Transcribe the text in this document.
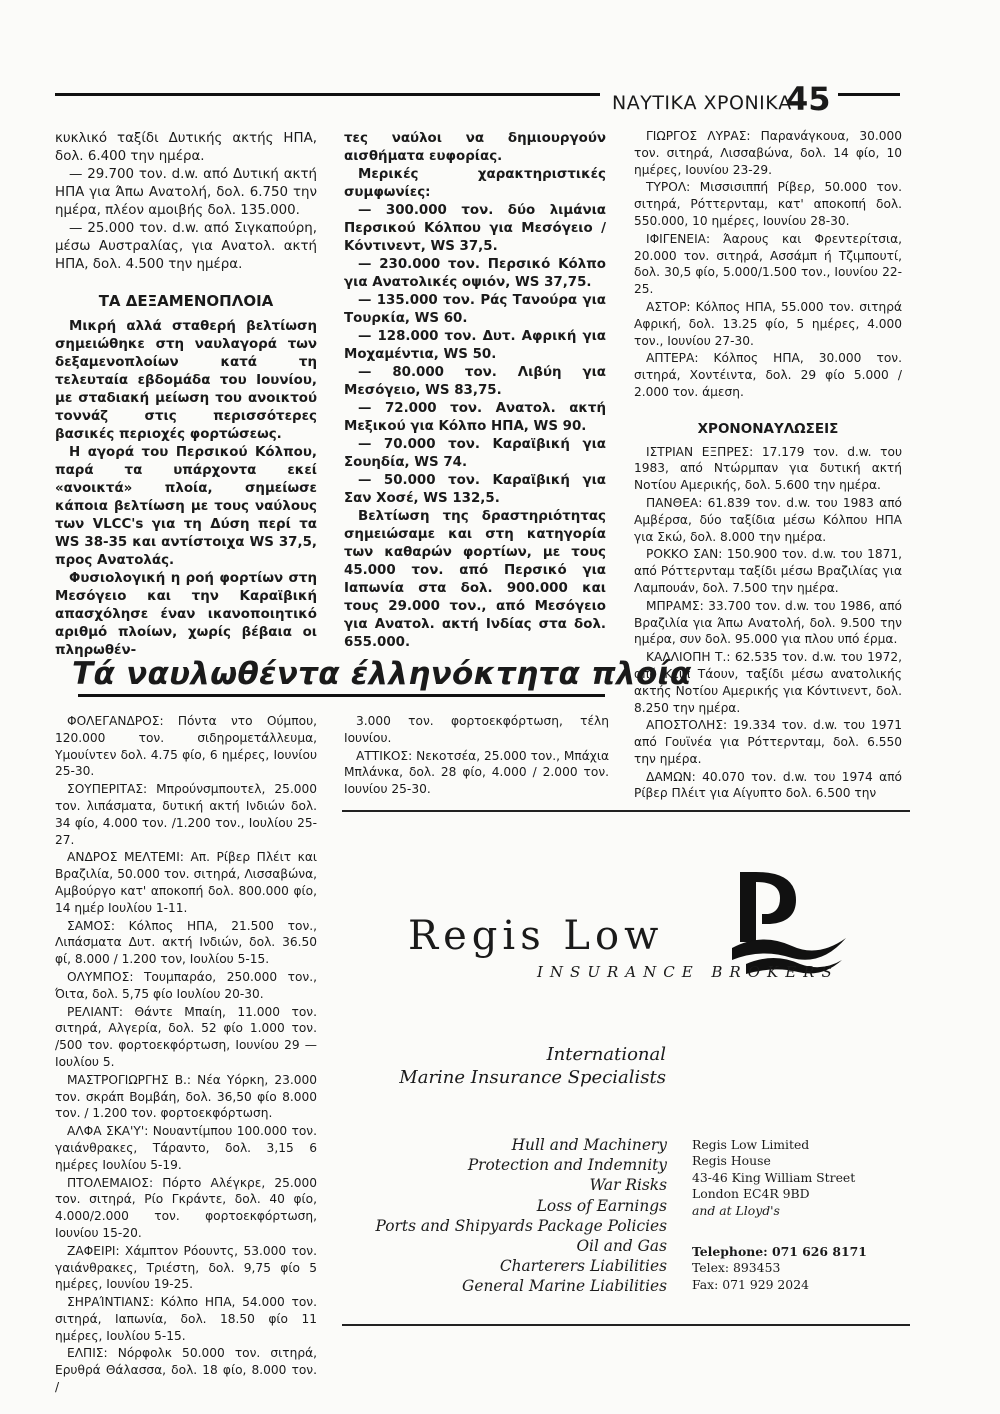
ΝΑΥΤΙΚΑ ΧΡΟΝΙΚΑ
45

κυκλικό ταξίδι Δυτικής ακτής ΗΠΑ, δολ. 6.400 την ημέρα.

— 29.700 τον. d.w. από Δυτική ακτή ΗΠΑ για Άπω Ανατολή, δολ. 6.750 την ημέρα, πλέον αμοιβής δολ. 135.000.

— 25.000 τον. d.w. από Σιγκαπούρη, μέσω Αυστραλίας, για Ανατολ. ακτή ΗΠΑ, δολ. 4.500 την ημέρα.

ΤΑ ΔΕΞΑΜΕΝΟΠΛΟΙΑ

Μικρή αλλά σταθερή βελτίωση σημειώθηκε στη ναυλαγορά των δεξαμενοπλοίων κατά τη τελευταία εβδομάδα του Ιουνίου, με σταδιακή μείωση του ανοικτού τοννάζ στις περισσότερες βασικές περιοχές φορτώσεως.

Η αγορά του Περσικού Κόλπου, παρά τα υπάρχοντα εκεί «ανοικτά» πλοία, σημείωσε κάποια βελτίωση με τους ναύλους των VLCC's για τη Δύση περί τα WS 38-35 και αντίστοιχα WS 37,5, προς Ανατολάς.

Φυσιολογική η ροή φορτίων στη Μεσόγειο και την Καραϊβική απασχόλησε έναν ικανοποιητικό αριθμό πλοίων, χωρίς βέβαια οι πληρωθέν-

τες ναύλοι να δημιουργούν αισθήματα ευφορίας.

Μερικές χαρακτηριστικές συμφωνίες:

— 300.000 τον. δύο λιμάνια Περσικού Κόλπου για Μεσόγειο /Κόντινεντ, WS 37,5.

— 230.000 τον. Περσικό Κόλπο για Ανατολικές οψιόν, WS 37,75.

— 135.000 τον. Ράς Τανούρα για Τουρκία, WS 60.

— 128.000 τον. Δυτ. Αφρική για Μοχαμέντια, WS 50.

— 80.000 τον. Λιβύη για Μεσόγειο, WS 83,75.

— 72.000 τον. Ανατολ. ακτή Μεξικού για Κόλπο ΗΠΑ, WS 90.

— 70.000 τον. Καραϊβική για Σουηδία, WS 74.

— 50.000 τον. Καραϊβική για Σαν Χοσέ, WS 132,5.

Βελτίωση της δραστηριότητας σημειώσαμε και στη κατηγορία των καθαρών φορτίων, με τους 45.000 τον. από Περσικό για Ιαπωνία στα δολ. 900.000 και τους 29.000 τον., από Μεσόγειο για Ανατολ. ακτή Ινδίας στα δολ. 655.000.

ΓΙΩΡΓΟΣ ΛΥΡΑΣ: Παρανάγκουα, 30.000 τον. σιτηρά, Λισσαβώνα, δολ. 14 φίο, 10 ημέρες, Ιουνίου 23-29.

ΤΥΡΟΛ: Μισσισιππή Ρίβερ, 50.000 τον. σιτηρά, Ρόττερνταμ, κατ' αποκοπή δολ. 550.000, 10 ημέρες, Ιουνίου 28-30.

ΙΦΙΓΕΝΕΙΑ: Άαρους και Φρεντερίτσια, 20.000 τον. σιτηρά, Ασσάμπ ή Τζιμπουτί, δολ. 30,5 φίο, 5.000/1.500 τον., Ιουνίου 22-25.

ΑΣΤΟΡ: Κόλπος ΗΠΑ, 55.000 τον. σιτηρά Αφρική, δολ. 13.25 φίο, 5 ημέρες, 4.000 τον., Ιουνίου 27-30.

ΑΠΤΕΡΑ: Κόλπος ΗΠΑ, 30.000 τον. σιτηρά, Χοντέιντα, δολ. 29 φίο 5.000 / 2.000 τον. άμεση.

ΧΡΟΝΟΝΑΥΛΩΣΕΙΣ

ΙΣΤΡΙΑΝ ΕΞΠΡΕΣ: 17.179 τον. d.w. του 1983, από Ντώρμπαν για δυτική ακτή Νοτίου Αμερικής, δολ. 5.600 την ημέρα.

ΠΑΝΘΕΑ: 61.839 τον. d.w. του 1983 από Αμβέρσα, δύο ταξίδια μέσω Κόλπου ΗΠΑ για Σκώ, δολ. 8.000 την ημέρα.

ΡΟΚΚΟ ΣΑΝ: 150.900 τον. d.w. του 1871, από Ρόττερνταμ ταξίδι μέσω Βραζιλίας για Λαμπουάν, δολ. 7.500 την ημέρα.

ΜΠΡΑΜΣ: 33.700 τον. d.w. του 1986, από Βραζιλία για Άπω Ανατολή, δολ. 9.500 την ημέρα, συν δολ. 95.000 για πλου υπό έρμα.

ΚΑΛΛΙΟΠΗ Τ.: 62.535 τον. d.w. του 1972, από Κέιπ Τάουν, ταξίδι μέσω ανατολικής ακτής Νοτίου Αμερικής για Κόντινεντ, δολ. 8.250 την ημέρα.

ΑΠΟΣΤΟΛΗΣ: 19.334 τον. d.w. του 1971 από Γουϊνέα για Ρόττερνταμ, δολ. 6.550 την ημέρα.

ΔΑΜΩΝ: 40.070 τον. d.w. του 1974 από Ρίβερ Πλέιτ για Αίγυπτο δολ. 6.500 την

Τά ναυλωθέντα έλληνόκτητα πλοία

ΦΟΛΕΓΑΝΔΡΟΣ: Πόντα ντο Ούμπου, 120.000 τον. σιδηρομετάλλευμα, Υμουίντεν δολ. 4.75 φίο, 6 ημέρες, Ιουνίου 25-30.

ΣΟΥΠΕΡΙΤΑΣ: Μπρούνσμπουτελ, 25.000 τον. λιπάσματα, δυτική ακτή Ινδιών δολ. 34 φίο, 4.000 τον. /1.200 τον., Ιουλίου 25-27.

ΑΝΔΡΟΣ ΜΕΛΤΕΜΙ: Απ. Ρίβερ Πλέιτ και Βραζιλία, 50.000 τον. σιτηρά, Λισσαβώνα, Αμβούργο κατ' αποκοπή δολ. 800.000 φίο, 14 ημέρ Ιουλίου 1-11.

ΣΑΜΟΣ: Κόλπος ΗΠΑ, 21.500 τον., Λιπάσματα Δυτ. ακτή Ινδιών, δολ. 36.50 φί, 8.000 / 1.200 τον, Ιουλίου 5-15.

ΟΛΥΜΠΟΣ: Τουμπαράο, 250.000 τον., Όιτα, δολ. 5,75 φίο Ιουλίου 20-30.

ΡΕΛΙΑΝΤ: Θάντε Μπαίη, 11.000 τον. σιτηρά, Αλγερία, δολ. 52 φίο 1.000 τον. /500 τον. φορτοεκφόρτωση, Ιουνίου 29 — Ιουλίου 5.

ΜΑΣΤΡΟΓΙΩΡΓΗΣ Β.: Νέα Υόρκη, 23.000 τον. σκράπ Βομβάη, δολ. 36,50 φίο 8.000 τον. / 1.200 τον. φορτοεκφόρτωση.

ΑΛΦΑ ΣΚΑ'Υ': Νουαντίμπου 100.000 τον. γαιάνθρακες, Τάραντο, δολ. 3,15 6 ημέρες Ιουλίου 5-19.

ΠΤΟΛΕΜΑΙΟΣ: Πόρτο Αλέγκρε, 25.000 τον. σιτηρά, Ρίο Γκράντε, δολ. 40 φίο, 4.000/2.000 τον. φορτοεκφόρτωση, Ιουνίου 15-20.

ΖΑΦΕΙΡΙ: Χάμπτον Ρόουντς, 53.000 τον. γαιάνθρακες, Τριέστη, δολ. 9,75 φίο 5 ημέρες, Ιουνίου 19-25.

ΣΗΡΑΊΝΤΙΑΝΣ: Κόλπο ΗΠΑ, 54.000 τον. σιτηρά, Ιαπωνία, δολ. 18.50 φίο 11 ημέρες, Ιουλίου 5-15.

ΕΛΠΙΣ: Νόρφολκ 50.000 τον. σιτηρά, Ερυθρά Θάλασσα, δολ. 18 φίο, 8.000 τον. /

3.000 τον. φορτοεκφόρτωση, τέλη Ιουνίου.

ΑΤΤΙΚΟΣ: Νεκοτσέα, 25.000 τον., Μπάχια Μπλάνκα, δολ. 28 φίο, 4.000 / 2.000 τον. Ιουνίου 25-30.

Regis Low
INSURANCE BROKERS
International
Marine Insurance Specialists
Hull and Machinery
Protection and Indemnity
War Risks
Loss of Earnings
Ports and Shipyards Package Policies
Oil and Gas
Charterers Liabilities
General Marine Liabilities
Regis Low Limited
Regis House
43-46 King William Street
London EC4R 9BD
and at Lloyd's
Telephone: 071 626 8171
Telex: 893453
Fax: 071 929 2024
